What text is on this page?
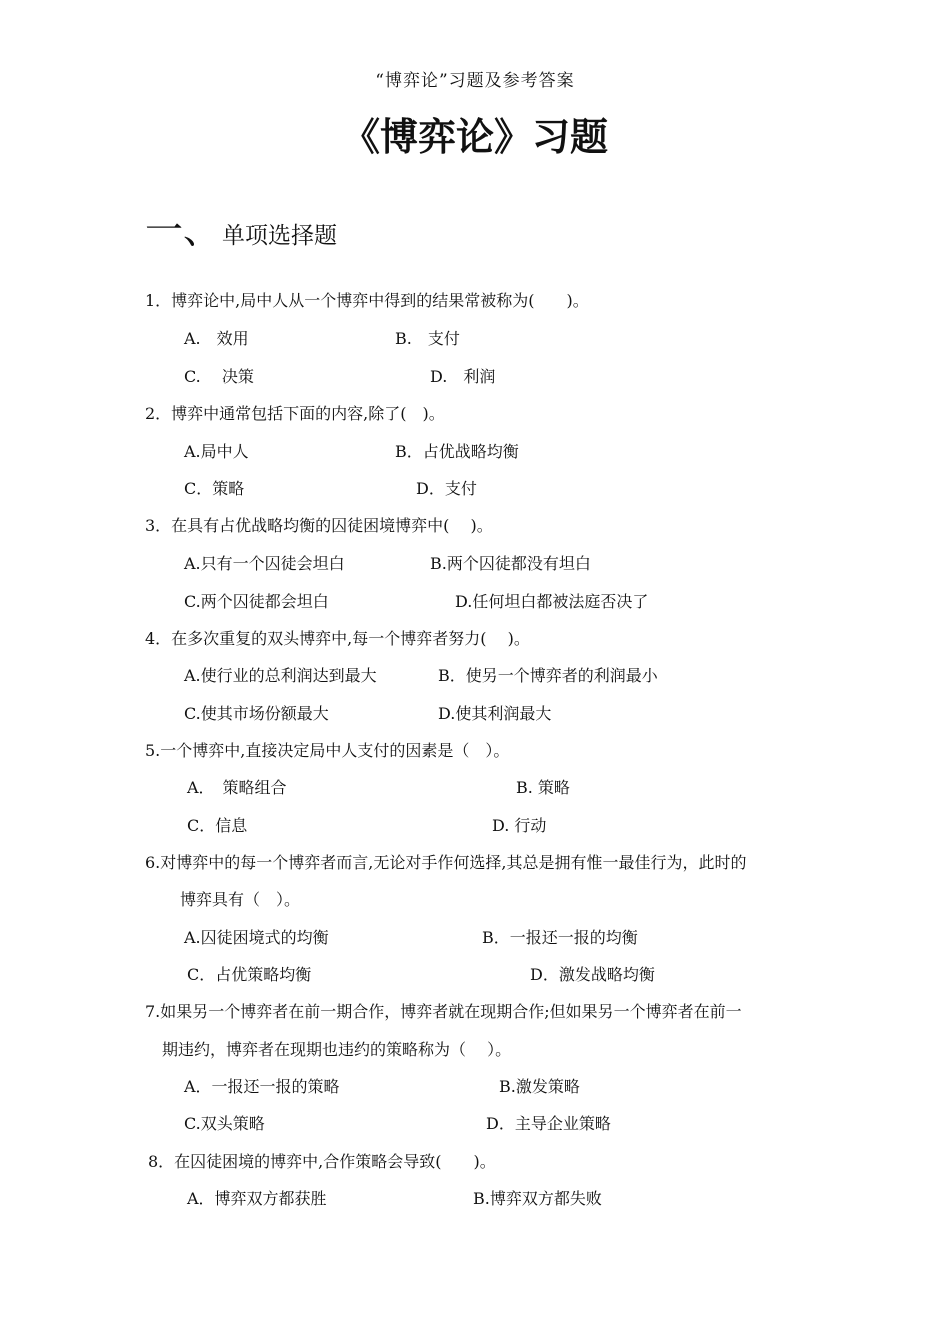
“博弈论”习题及参考答案
《博弈论》习题
一、 单项选择题
1．博弈论中,局中人从一个博弈中得到的结果常被称为(　　)。
A.　效用	B.　支付
C.　 决策	D.　利润
2．博弈中通常包括下面的内容,除了(　)。
A.局中人	B．占优战略均衡
C．策略	D．支付
3．在具有占优战略均衡的囚徒困境博弈中(　 )。
A.只有一个囚徒会坦白	B.两个囚徒都没有坦白
C.两个囚徒都会坦白	D.任何坦白都被法庭否决了
4．在多次重复的双头博弈中,每一个博弈者努力(　 )。
A.使行业的总利润达到最大	B．使另一个博弈者的利润最小
C.使其市场份额最大	D.使其利润最大
5.一个博弈中,直接决定局中人支付的因素是（　）。
A．　策略组合	B. 策略
C．信息	D. 行动
6.对博弈中的每一个博弈者而言,无论对手作何选择,其总是拥有惟一最佳行为，此时的
博弈具有（　）。
A.囚徒困境式的均衡	B．一报还一报的均衡
C．占优策略均衡	D．激发战略均衡
7.如果另一个博弈者在前一期合作，博弈者就在现期合作;但如果另一个博弈者在前一
期违约，博弈者在现期也违约的策略称为（　 ）。
A．一报还一报的策略	B.激发策略
C.双头策略	D．主导企业策略
8．在囚徒困境的博弈中,合作策略会导致(　　)。
A．博弈双方都获胜	B.博弈双方都失败
